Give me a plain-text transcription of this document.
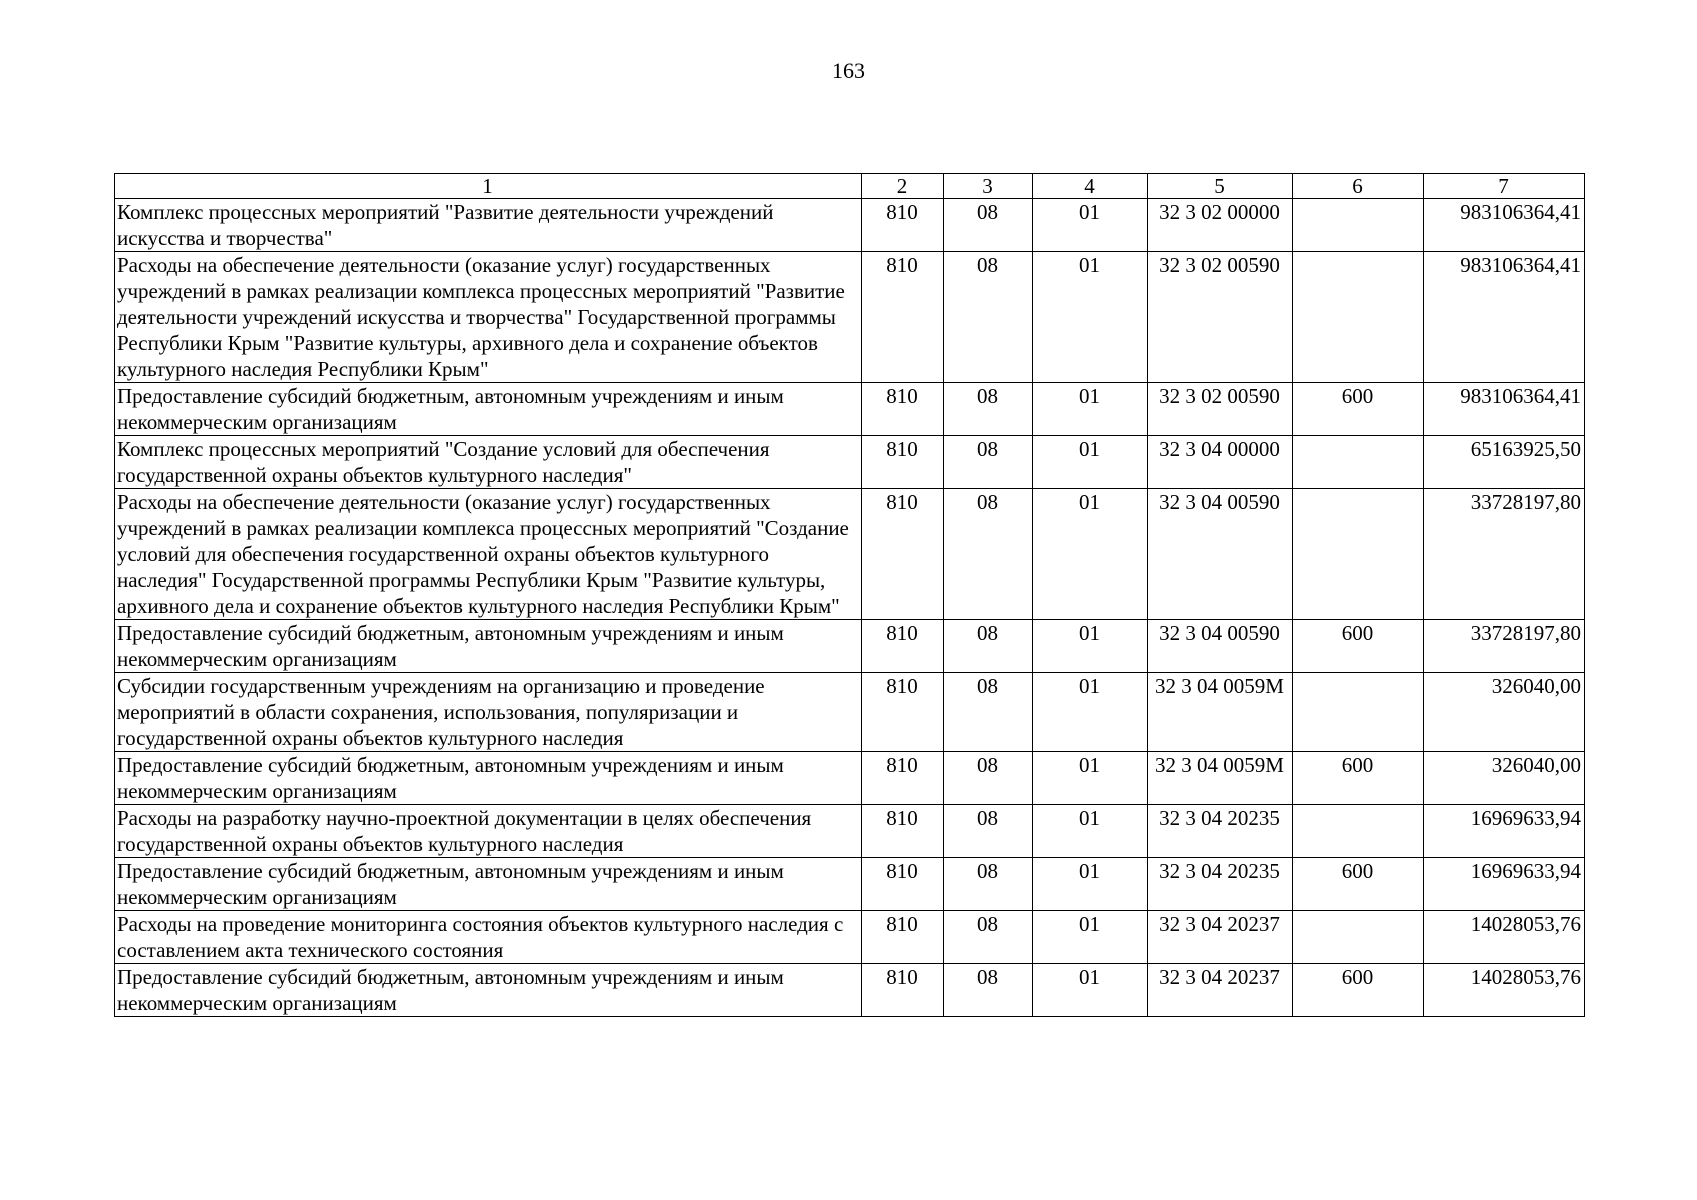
163
1	2	3	4	5	6	7
Комплекс процессных мероприятий "Развитие деятельности учреждений искусства и творчества"	810	08	01	32 3 02 00000		983106364,41
Расходы на обеспечение деятельности (оказание услуг) государственных учреждений в рамках реализации комплекса процессных мероприятий "Развитие деятельности учреждений искусства и творчества" Государственной программы Республики Крым "Развитие культуры, архивного дела и сохранение объектов культурного наследия Республики Крым"	810	08	01	32 3 02 00590		983106364,41
Предоставление субсидий бюджетным, автономным учреждениям и иным некоммерческим организациям	810	08	01	32 3 02 00590	600	983106364,41
Комплекс процессных мероприятий "Создание условий для обеспечения государственной охраны объектов культурного наследия"	810	08	01	32 3 04 00000		65163925,50
Расходы на обеспечение деятельности (оказание услуг) государственных учреждений в рамках реализации комплекса процессных мероприятий "Создание условий для обеспечения государственной охраны объектов культурного наследия" Государственной программы Республики Крым "Развитие культуры, архивного дела и сохранение объектов культурного наследия Республики Крым"	810	08	01	32 3 04 00590		33728197,80
Предоставление субсидий бюджетным, автономным учреждениям и иным некоммерческим организациям	810	08	01	32 3 04 00590	600	33728197,80
Субсидии государственным учреждениям на организацию и проведение мероприятий в области сохранения, использования, популяризации и государственной охраны объектов культурного наследия	810	08	01	32 3 04 0059M		326040,00
Предоставление субсидий бюджетным, автономным учреждениям и иным некоммерческим организациям	810	08	01	32 3 04 0059M	600	326040,00
Расходы на разработку научно-проектной документации в целях обеспечения государственной охраны объектов культурного наследия	810	08	01	32 3 04 20235		16969633,94
Предоставление субсидий бюджетным, автономным учреждениям и иным некоммерческим организациям	810	08	01	32 3 04 20235	600	16969633,94
Расходы на проведение мониторинга состояния объектов культурного наследия с составлением акта технического состояния	810	08	01	32 3 04 20237		14028053,76
Предоставление субсидий бюджетным, автономным учреждениям и иным некоммерческим организациям	810	08	01	32 3 04 20237	600	14028053,76
